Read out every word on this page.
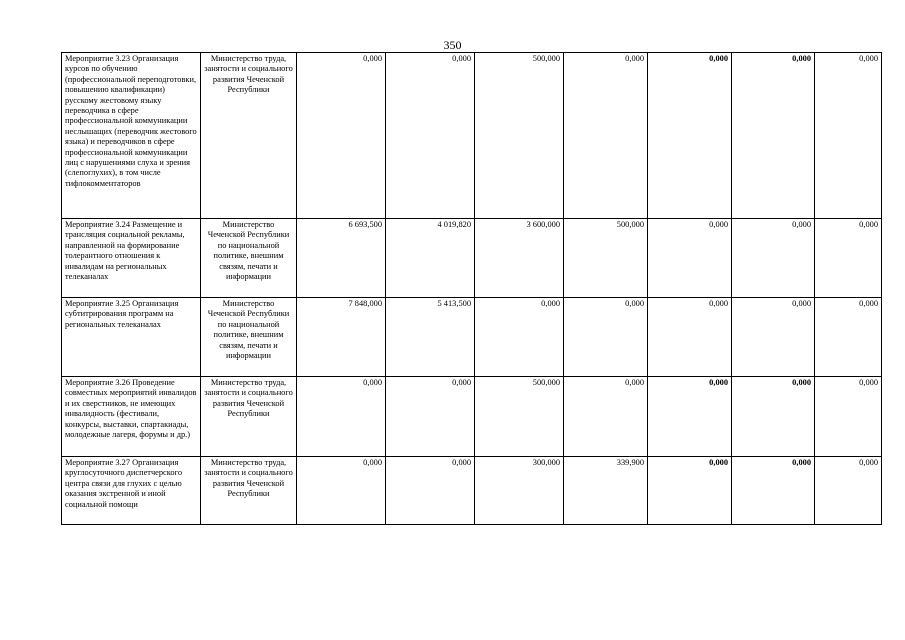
350
Мероприятие 3.23 Организация курсов по обучению (профессиональной переподготовки, повышению квалификации) русскому жестовому языку переводчика в сфере профессиональной коммуникации неслышащих (переводчик жестового языка) и переводчиков в сфере профессиональной коммуникации лиц с нарушениями слуха и зрения (слепоглухих), в том числе тифлокомментаторов	Министерство труда, занятости и социального развития Чеченской Республики	0,000	0,000	500,000	0,000	0,000	0,000	0,000
Мероприятие 3.24 Размещение и трансляция социальной рекламы, направленной на формирование толерантного отношения к инвалидам на региональных телеканалах	Министерство Чеченской Республики по национальной политике, внешним связям, печати и информации	6 693,500	4 019,820	3 600,000	500,000	0,000	0,000	0,000
Мероприятие 3.25 Организация субтитрирования программ на региональных телеканалах	Министерство Чеченской Республики по национальной политике, внешним связям, печати и информации	7 848,000	5 413,500	0,000	0,000	0,000	0,000	0,000
Мероприятие 3.26 Проведение совместных мероприятий инвалидов и их сверстников, не имеющих инвалидность (фестивали, конкурсы, выставки, спартакиады, молодежные лагеря, форумы и др.)	Министерство труда, занятости и социального развития Чеченской Республики	0,000	0,000	500,000	0,000	0,000	0,000	0,000
Мероприятие 3.27 Организация круглосуточного диспетчерского центра связи для глухих с целью оказания экстренной и иной социальной помощи	Министерство труда, занятости и социального развития Чеченской Республики	0,000	0,000	300,000	339,900	0,000	0,000	0,000
